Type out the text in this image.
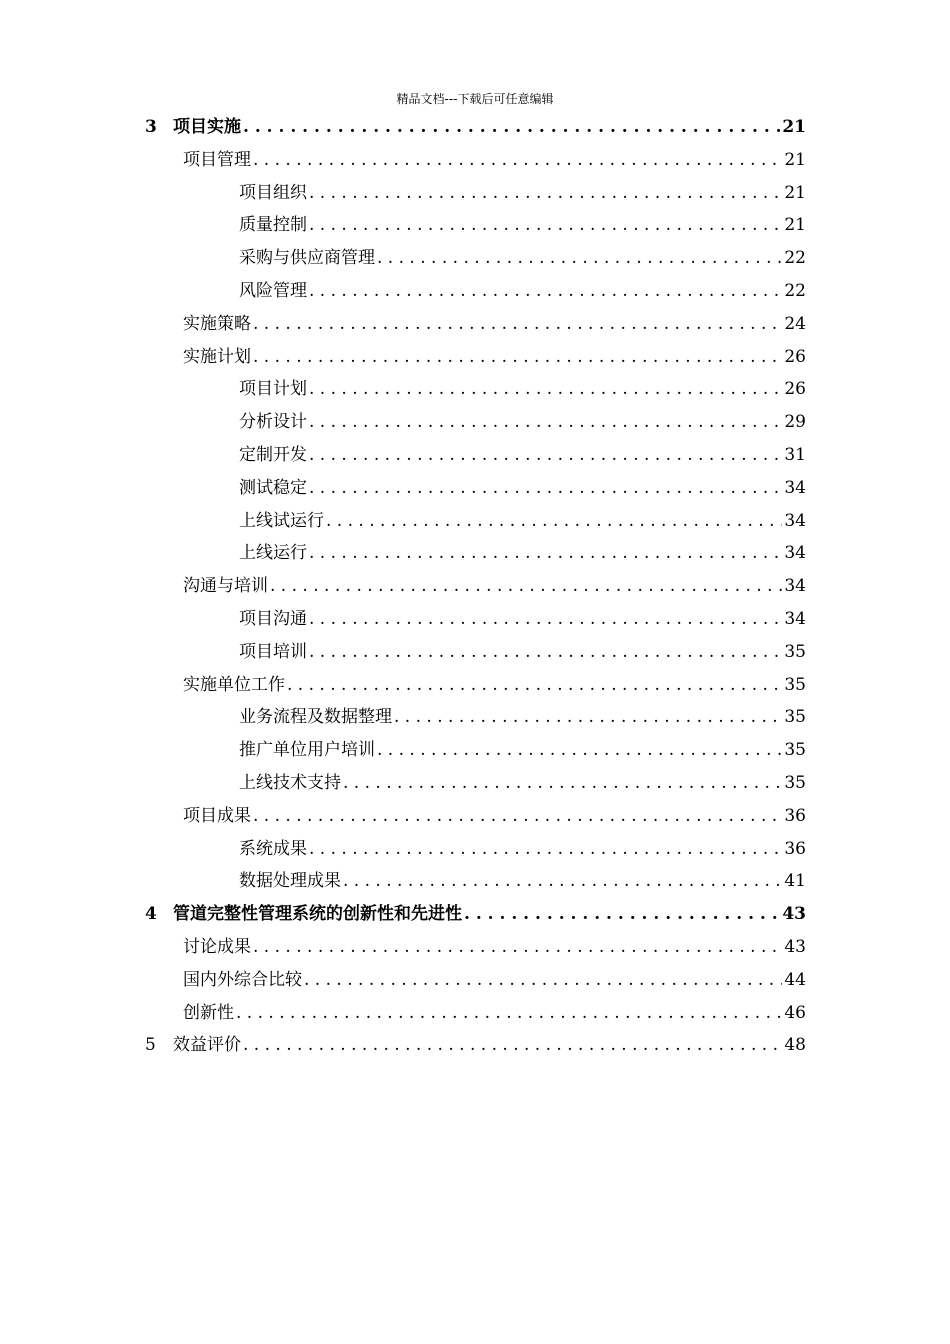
精品文档---下载后可任意编辑
3 项目实施 . . .	21
项目管理 . . .	21
项目组织 . . .	21
质量控制 . . .	21
采购与供应商管理 . . .	22
风险管理 . . .	22
实施策略 . . .	24
实施计划 . . .	26
项目计划 . . .	26
分析设计 . . .	29
定制开发 . . .	31
测试稳定 . . .	34
上线试运行 . . .	34
上线运行 . . .	34
沟通与培训 . . .	34
项目沟通 . . .	34
项目培训 . . .	35
实施单位工作 . . .	35
业务流程及数据整理 . . .	35
推广单位用户培训 . . .	35
上线技术支持 . . .	35
项目成果 . . .	36
系统成果 . . .	36
数据处理成果 . . .	41
4 管道完整性管理系统的创新性和先进性 . . .	43
讨论成果 . . .	43
国内外综合比较 . . .	44
创新性 . . .	46
5	效益评价 . . .	48
